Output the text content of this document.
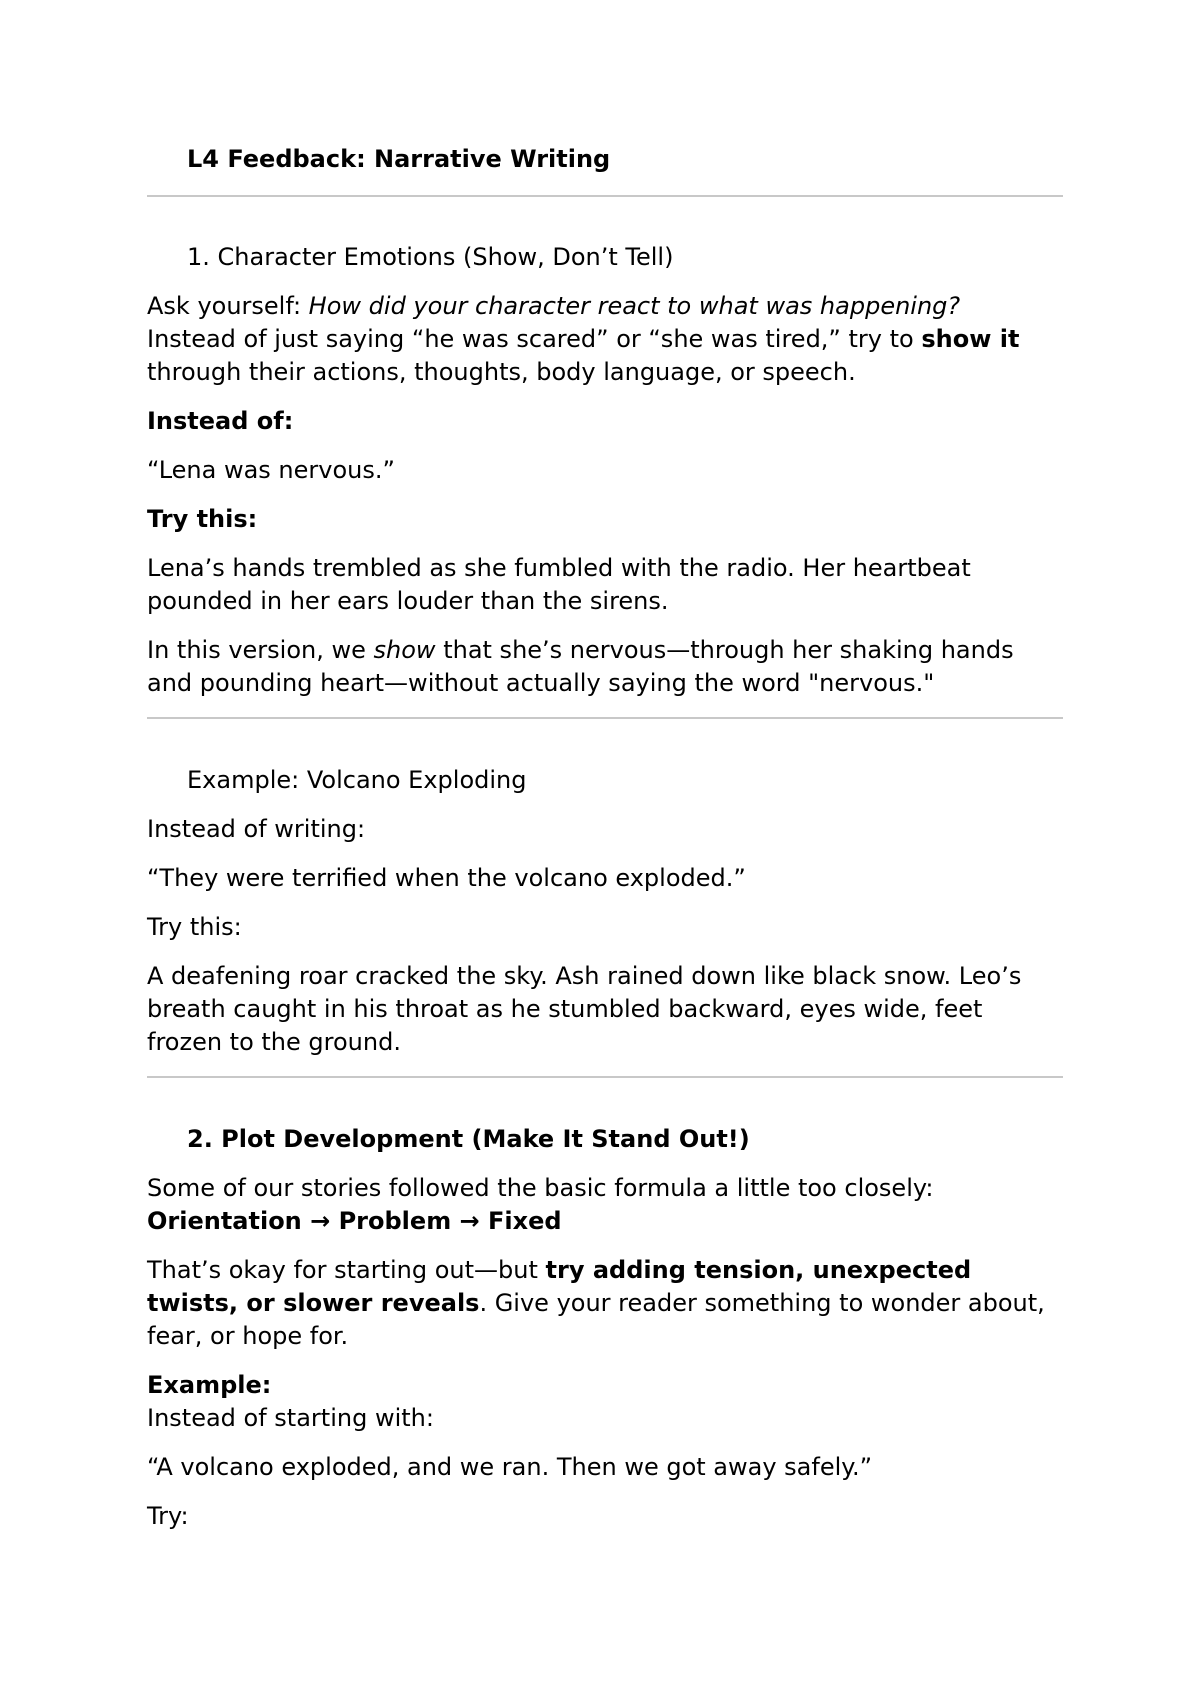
L4 Feedback: Narrative Writing
1. Character Emotions (Show, Don’t Tell)
Ask yourself: How did your character react to what was happening?
Instead of just saying “he was scared” or “she was tired,” try to show it
through their actions, thoughts, body language, or speech.
Instead of:
“Lena was nervous.”
Try this:
Lena’s hands trembled as she fumbled with the radio. Her heartbeat
pounded in her ears louder than the sirens.
In this version, we show that she’s nervous—through her shaking hands
and pounding heart—without actually saying the word "nervous."
Example: Volcano Exploding
Instead of writing:
“They were terrified when the volcano exploded.”
Try this:
A deafening roar cracked the sky. Ash rained down like black snow. Leo’s
breath caught in his throat as he stumbled backward, eyes wide, feet
frozen to the ground.
2. Plot Development (Make It Stand Out!)
Some of our stories followed the basic formula a little too closely:
Orientation → Problem → Fixed
That’s okay for starting out—but try adding tension, unexpected
twists, or slower reveals. Give your reader something to wonder about,
fear, or hope for.
Example:
Instead of starting with:
“A volcano exploded, and we ran. Then we got away safely.”
Try:
